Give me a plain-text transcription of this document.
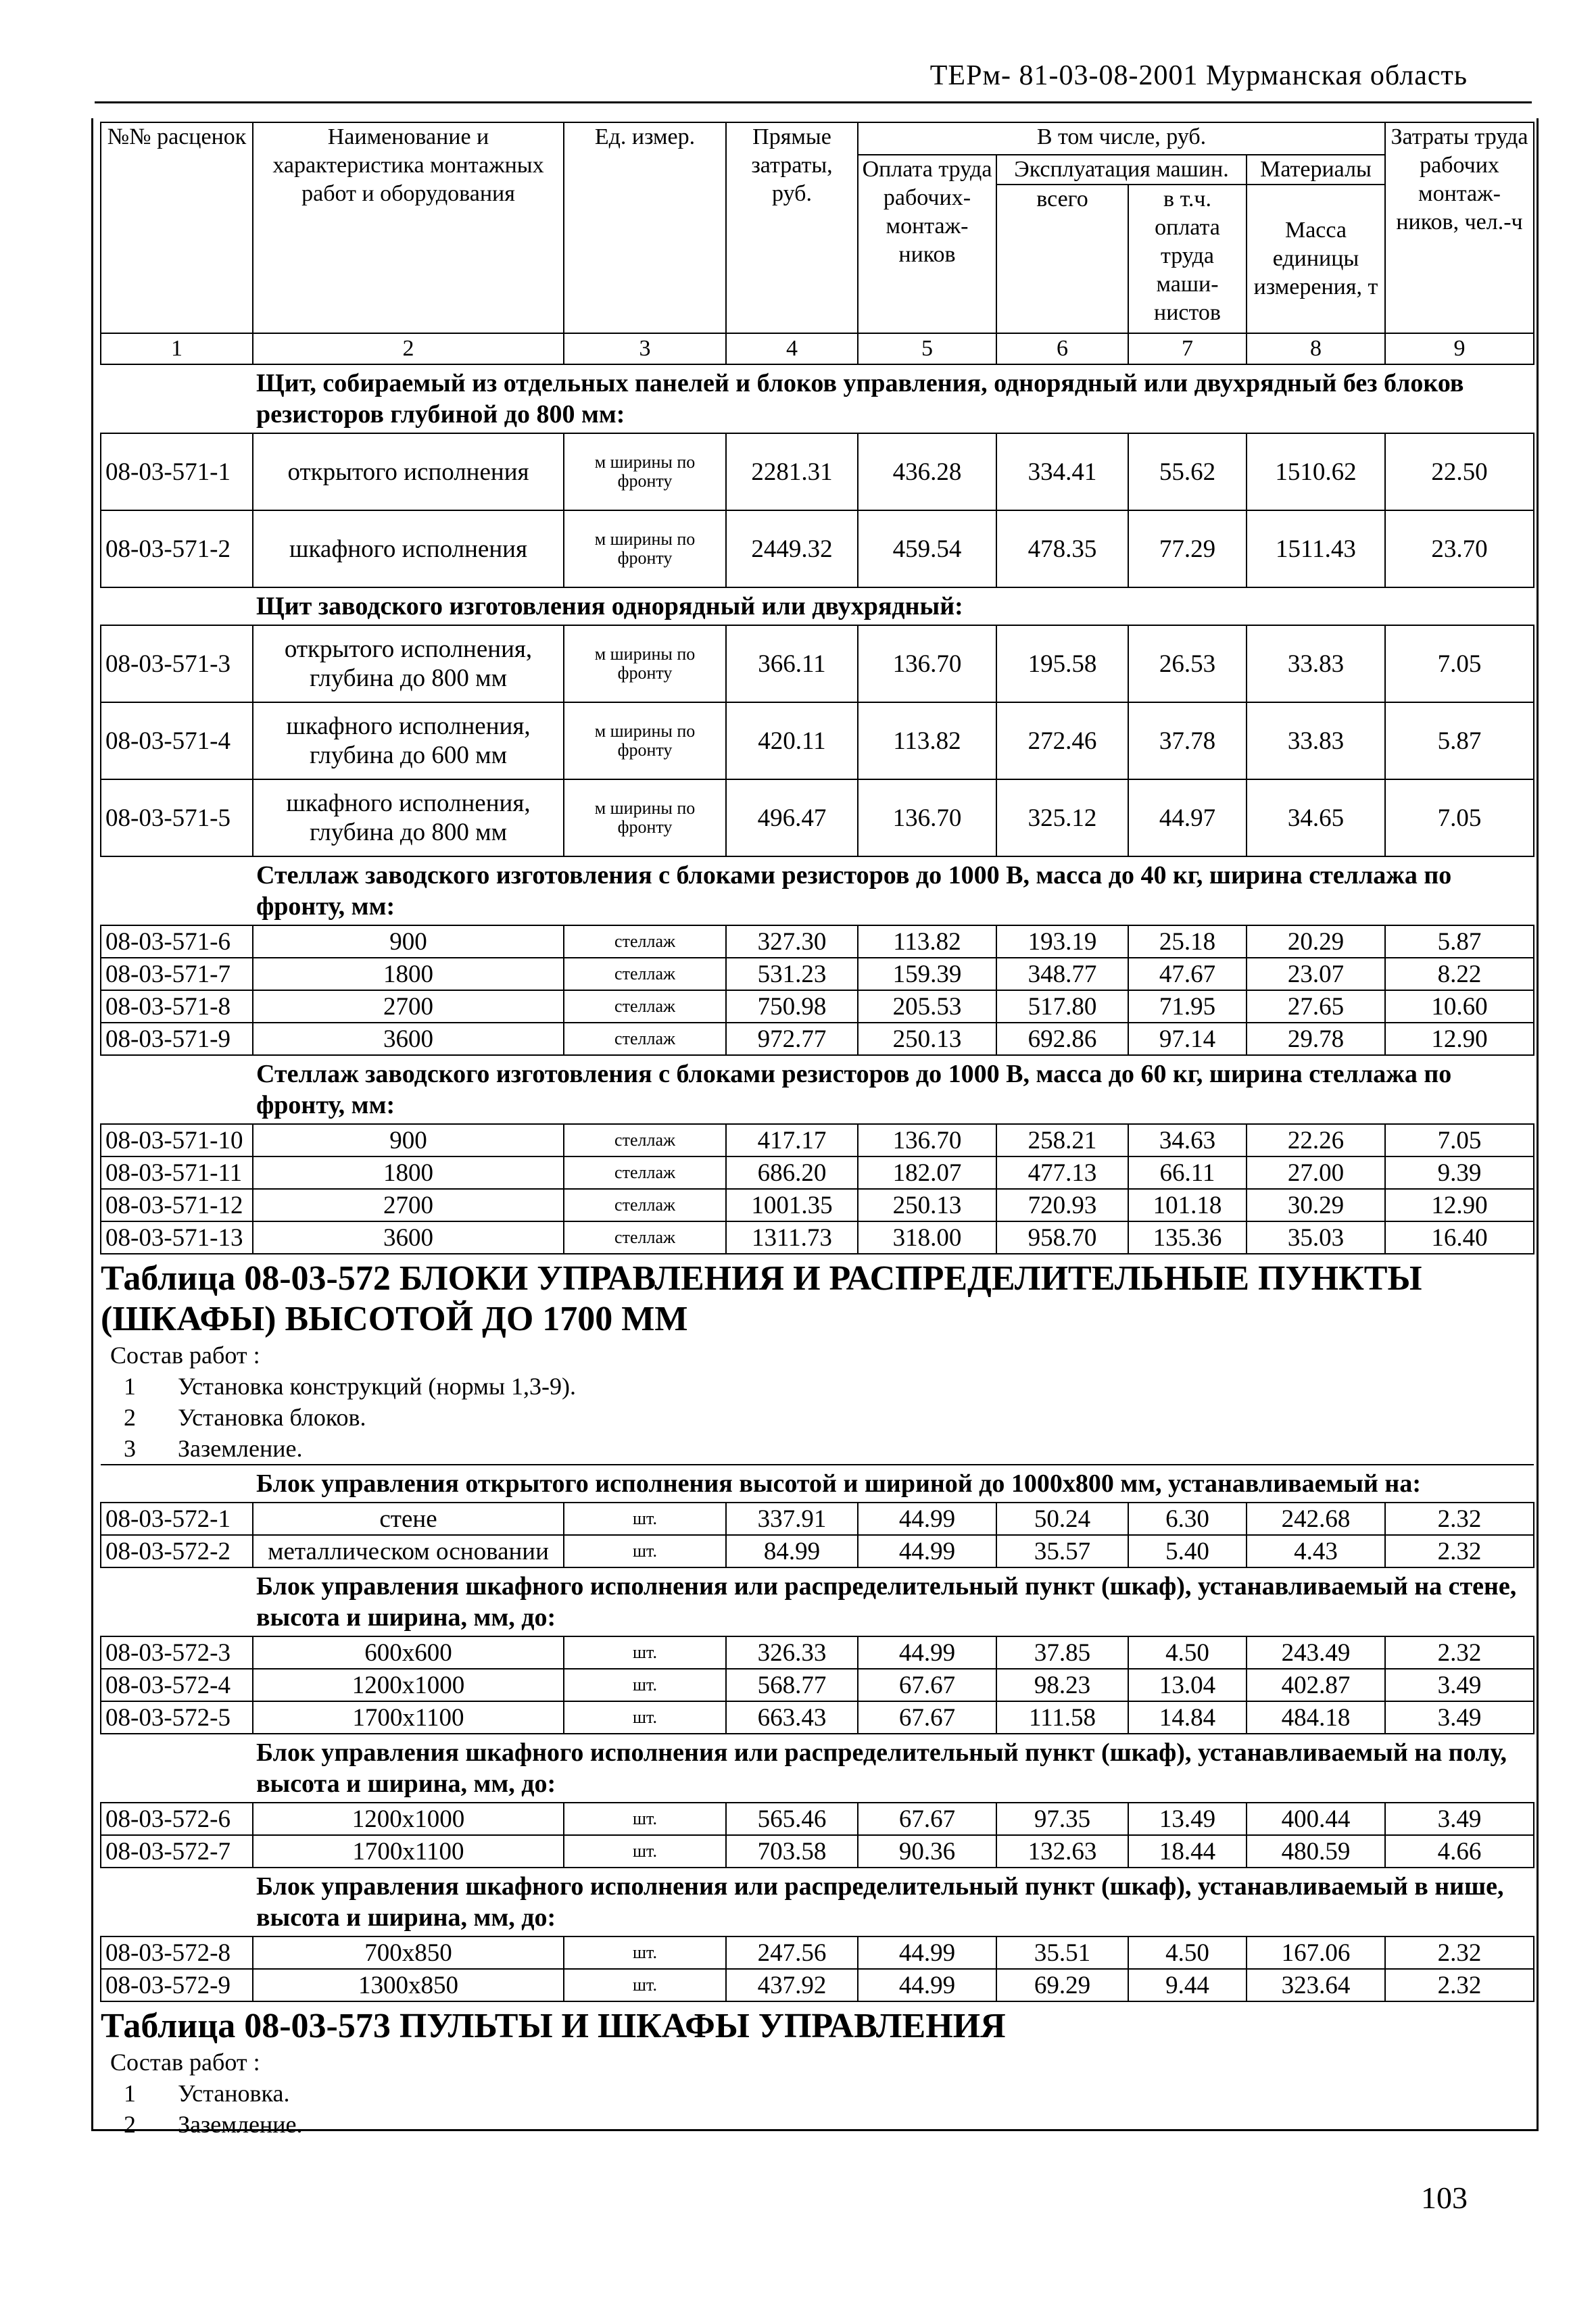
ТЕРм- 81-03-08-2001 Мурманская область
№№ расценок	Наименование и характеристика монтажных работ и оборудования	Ед. измер.	Прямые затраты, руб.	В том числе, руб.				Затраты труда рабочих монтаж-ников, чел.-ч
				Оплата труда рабочих-монтаж-ников	Эксплуатация машин.		Материалы	
					всего	в т.ч. оплата труда маши-нистов	Масса единицы измерения, т	
1	2	3	4	5	6	7	8	9
Щит, собираемый из отдельных панелей и блоков управления, однорядный или двухрядный без блоков резисторов глубиной до 800 мм:								
08-03-571-1	открытого исполнения	м ширины по фронту	2281.31	436.28	334.41	55.62	1510.62	22.50
08-03-571-2	шкафного исполнения	м ширины по фронту	2449.32	459.54	478.35	77.29	1511.43	23.70
Щит заводского изготовления однорядный или двухрядный:								
08-03-571-3	открытого исполнения, глубина до 800 мм	м ширины по фронту	366.11	136.70	195.58	26.53	33.83	7.05
08-03-571-4	шкафного исполнения, глубина до 600 мм	м ширины по фронту	420.11	113.82	272.46	37.78	33.83	5.87
08-03-571-5	шкафного исполнения, глубина до 800 мм	м ширины по фронту	496.47	136.70	325.12	44.97	34.65	7.05
Стеллаж заводского изготовления с блоками резисторов до 1000 В, масса до 40 кг, ширина стеллажа по фронту, мм:								
08-03-571-6	900	стеллаж	327.30	113.82	193.19	25.18	20.29	5.87
08-03-571-7	1800	стеллаж	531.23	159.39	348.77	47.67	23.07	8.22
08-03-571-8	2700	стеллаж	750.98	205.53	517.80	71.95	27.65	10.60
08-03-571-9	3600	стеллаж	972.77	250.13	692.86	97.14	29.78	12.90
Стеллаж заводского изготовления с блоками резисторов до 1000 В, масса до 60 кг, ширина стеллажа по фронту, мм:								
08-03-571-10	900	стеллаж	417.17	136.70	258.21	34.63	22.26	7.05
08-03-571-11	1800	стеллаж	686.20	182.07	477.13	66.11	27.00	9.39
08-03-571-12	2700	стеллаж	1001.35	250.13	720.93	101.18	30.29	12.90
08-03-571-13	3600	стеллаж	1311.73	318.00	958.70	135.36	35.03	16.40
Таблица 08-03-572 БЛОКИ УПРАВЛЕНИЯ И РАСПРЕДЕЛИТЕЛЬНЫЕ ПУНКТЫ (ШКАФЫ) ВЫСОТОЙ ДО 1700 ММ								
Состав работ :								
1 Установка конструкций (нормы 1,3-9).								
2 Установка блоков.								
3 Заземление.								
Блок управления открытого исполнения высотой и шириной до 1000х800 мм, устанавливаемый на:								
08-03-572-1	стене	шт.	337.91	44.99	50.24	6.30	242.68	2.32
08-03-572-2	металлическом основании	шт.	84.99	44.99	35.57	5.40	4.43	2.32
Блок управления шкафного исполнения или распределительный пункт (шкаф), устанавливаемый на стене, высота и ширина, мм, до:								
08-03-572-3	600х600	шт.	326.33	44.99	37.85	4.50	243.49	2.32
08-03-572-4	1200х1000	шт.	568.77	67.67	98.23	13.04	402.87	3.49
08-03-572-5	1700х1100	шт.	663.43	67.67	111.58	14.84	484.18	3.49
Блок управления шкафного исполнения или распределительный пункт (шкаф), устанавливаемый на полу, высота и ширина, мм, до:								
08-03-572-6	1200х1000	шт.	565.46	67.67	97.35	13.49	400.44	3.49
08-03-572-7	1700х1100	шт.	703.58	90.36	132.63	18.44	480.59	4.66
Блок управления шкафного исполнения или распределительный пункт (шкаф), устанавливаемый в нише, высота и ширина, мм, до:								
08-03-572-8	700х850	шт.	247.56	44.99	35.51	4.50	167.06	2.32
08-03-572-9	1300х850	шт.	437.92	44.99	69.29	9.44	323.64	2.32
Таблица 08-03-573 ПУЛЬТЫ И ШКАФЫ УПРАВЛЕНИЯ								
Состав работ :								
1 Установка.								
2 Заземление.								
103
